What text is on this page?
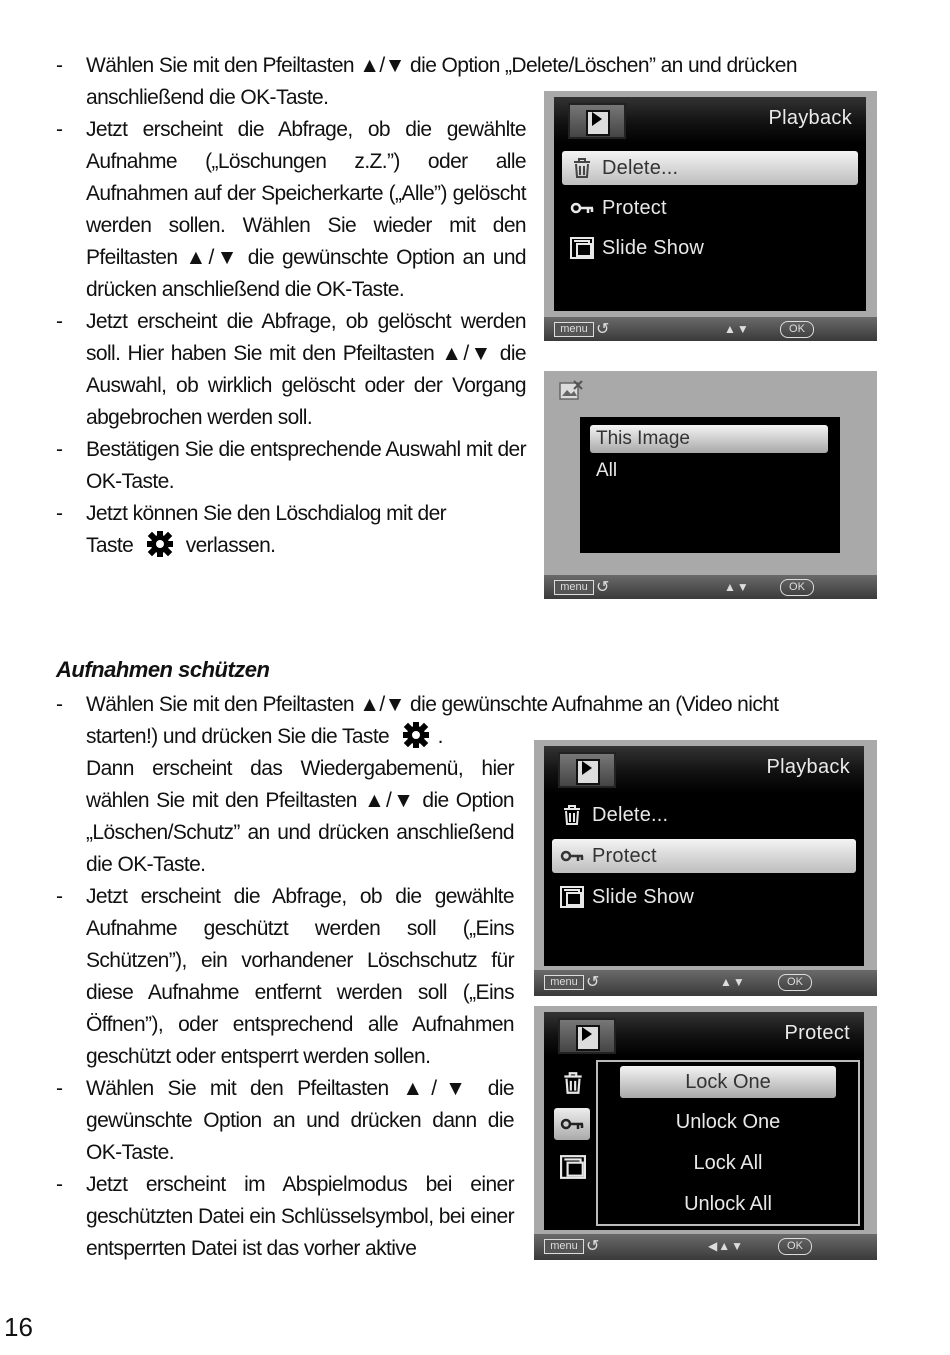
- Wählen Sie mit den Pfeiltasten ▲/▼ die Option „Delete/Löschen” an und drücken
anschließend die OK-Taste.
- Jetzt erscheint die Abfrage, ob die gewählte Aufnahme („Löschungen z.Z.”) oder alle Aufnahmen auf der Speicherkarte („Alle”) gelöscht werden sollen. Wählen Sie wieder mit den Pfeiltasten ▲/▼ die gewünschte Option an und drücken anschließend die OK-Taste.
- Jetzt erscheint die Abfrage, ob gelöscht werden soll. Hier haben Sie mit den Pfeiltasten ▲/▼ die Auswahl, ob wirklich gelöscht oder der Vorgang abgebrochen werden soll.
- Bestätigen Sie die entsprechende Auswahl mit der OK-Taste.
- Jetzt können Sie den Löschdialog mit der
Taste	verlassen.
Playback
Delete...
Protect
Slide Show
menu ↺	▲▼	OK
This Image
All
menu ↺	▲▼	OK
Aufnahmen schützen
- Wählen Sie mit den Pfeiltasten ▲/▼ die gewünschte Aufnahme an (Video nicht
starten!) und drücken Sie die Taste .
Dann erscheint das Wiedergabemenü, hier wählen Sie mit den Pfeiltasten ▲/▼ die Option „Löschen/Schutz” an und drücken anschließend die OK-Taste.
- Jetzt erscheint die Abfrage, ob die gewählte Aufnahme geschützt werden soll („Eins Schützen”), ein vorhandener Löschschutz für diese Aufnahme entfernt werden soll („Eins Öffnen”), oder entsprechend alle Aufnahmen geschützt oder entsperrt werden sollen.
- Wählen Sie mit den Pfeiltasten ▲/▼ die gewünschte Option an und drücken dann die OK-Taste.
- Jetzt erscheint im Abspielmodus bei einer geschützten Datei ein Schlüsselsymbol, bei einer entsperrten Datei ist das vorher aktive
Playback
Delete...
Protect
Slide Show
menu ↺	▲▼	OK
Protect
Lock One
Unlock One
Lock All
Unlock All
menu ↺	◀▲▼	OK
16
